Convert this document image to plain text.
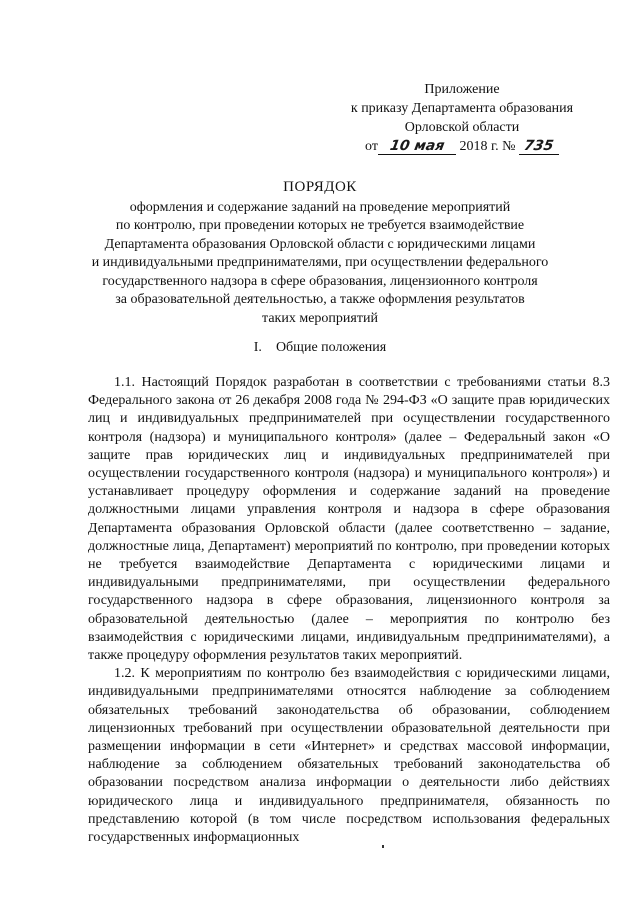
Приложение
к приказу Департамента образования
Орловской области
от 10 мая 2018 г. № 735
ПОРЯДОК
оформления и содержание заданий на проведение мероприятий
по контролю, при проведении которых не требуется взаимодействие
Департамента образования Орловской области с юридическими лицами
и индивидуальными предпринимателями, при осуществлении федерального
государственного надзора в сфере образования, лицензионного контроля
за образовательной деятельностью, а также оформления результатов
таких мероприятий
I. Общие положения

1.1. Настоящий Порядок разработан в соответствии с требованиями статьи 8.3 Федерального закона от 26 декабря 2008 года № 294-ФЗ «О защите прав юридических лиц и индивидуальных предпринимателей при осуществлении государственного контроля (надзора) и муниципального контроля» (далее – Федеральный закон «О защите прав юридических лиц и индивидуальных предпринимателей при осуществлении государственного контроля (надзора) и муниципального контроля») и устанавливает процедуру оформления и содержание заданий на проведение должностными лицами управления контроля и надзора в сфере образования Департамента образования Орловской области (далее соответственно – задание, должностные лица, Департамент) мероприятий по контролю, при проведении которых не требуется взаимодействие Департамента с юридическими лицами и индивидуальными предпринимателями, при осуществлении федерального государственного надзора в сфере образования, лицензионного контроля за образовательной деятельностью (далее – мероприятия по контролю без взаимодействия с юридическими лицами, индивидуальным предпринимателями), а также процедуру оформления результатов таких мероприятий.

1.2. К мероприятиям по контролю без взаимодействия с юридическими лицами, индивидуальными предпринимателями относятся наблюдение за соблюдением обязательных требований законодательства об образовании, соблюдением лицензионных требований при осуществлении образовательной деятельности при размещении информации в сети «Интернет» и средствах массовой информации, наблюдение за соблюдением обязательных требований законодательства об образовании посредством анализа информации о деятельности либо действиях юридического лица и индивидуального предпринимателя, обязанность по представлению которой (в том числе посредством использования федеральных государственных информационных
